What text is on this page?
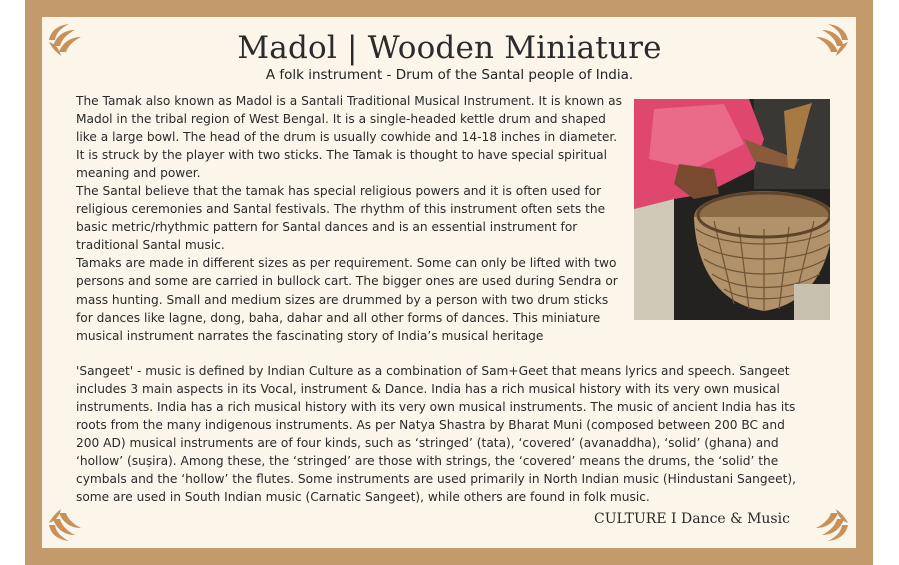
Madol | Wooden Miniature
A folk instrument - Drum of the Santal people of India.

The Tamak also known as Madol is a Santali Traditional Musical Instrument. It is known as Madol in the tribal region of West Bengal. It is a single-headed kettle drum and shaped like a large bowl. The head of the drum is usually cowhide and 14-18 inches in diameter. It is struck by the player with two sticks. The Tamak is thought to have special spiritual meaning and power.

The Santal believe that the tamak has special religious powers and it is often used for religious ceremonies and Santal festivals. The rhythm of this instrument often sets the basic metric/rhythmic pattern for Santal dances and is an essential instrument for traditional Santal music.

Tamaks are made in different sizes as per requirement. Some can only be lifted with two persons and some are carried in bullock cart. The bigger ones are used during Sendra or mass hunting. Small and medium sizes are drummed by a person with two drum sticks for dances like lagne, dong, baha, dahar and all other forms of dances. This miniature musical instrument narrates the fascinating story of India’s musical heritage

'Sangeet' - music is defined by Indian Culture as a combination of Sam+Geet that means lyrics and speech. Sangeet includes 3 main aspects in its Vocal, instrument & Dance. India has a rich musical history with its very own musical instruments. India has a rich musical history with its very own musical instruments. The music of ancient India has its roots from the many indigenous instruments. As per Natya Shastra by Bharat Muni (composed between 200 BC and 200 AD) musical instruments are of four kinds, such as ‘stringed’ (tata), ‘covered’ (avanaddha), ‘solid’ (ghana) and ‘hollow’ (suṣira). Among these, the ‘stringed’ are those with strings, the ‘covered’ means the drums, the ‘solid’ the cymbals and the ‘hollow’ the flutes. Some instruments are used primarily in North Indian music (Hindustani Sangeet), some are used in South Indian music (Carnatic Sangeet), while others are found in folk music.

CULTURE I Dance & Music
